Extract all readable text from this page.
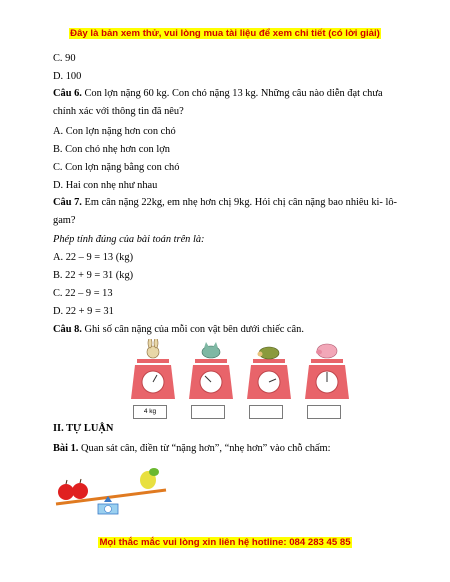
Đây là bản xem thử, vui lòng mua tài liệu để xem chi tiết (có lời giải)
C. 90
D. 100
Câu 6. Con lợn nặng 60 kg. Con chó nặng 13 kg. Những câu nào diễn đạt chưa chính xác với thông tin đã nêu?
A. Con lợn nặng hơn con chó
B. Con chó nhẹ hơn con lợn
C. Con lợn nặng bằng con chó
D. Hai con nhẹ như nhau
Câu 7. Em cân nặng 22kg, em nhẹ hơn chị 9kg. Hỏi chị cân nặng bao nhiêu ki- lô-gam?
Phép tính đúng của bài toán trên là:
A. 22 – 9 = 13 (kg)
B. 22 + 9 = 31 (kg)
C. 22 – 9 = 13
D. 22 + 9 = 31
Câu 8. Ghi số cân nặng của mỗi con vật bên dưới chiếc cân.
4 kg
II. TỰ LUẬN
Bài 1. Quan sát cân, điền từ “nặng hơn”, “nhẹ hơn” vào chỗ chấm:
Mọi thắc mắc vui lòng xin liên hệ hotline: 084 283 45 85
